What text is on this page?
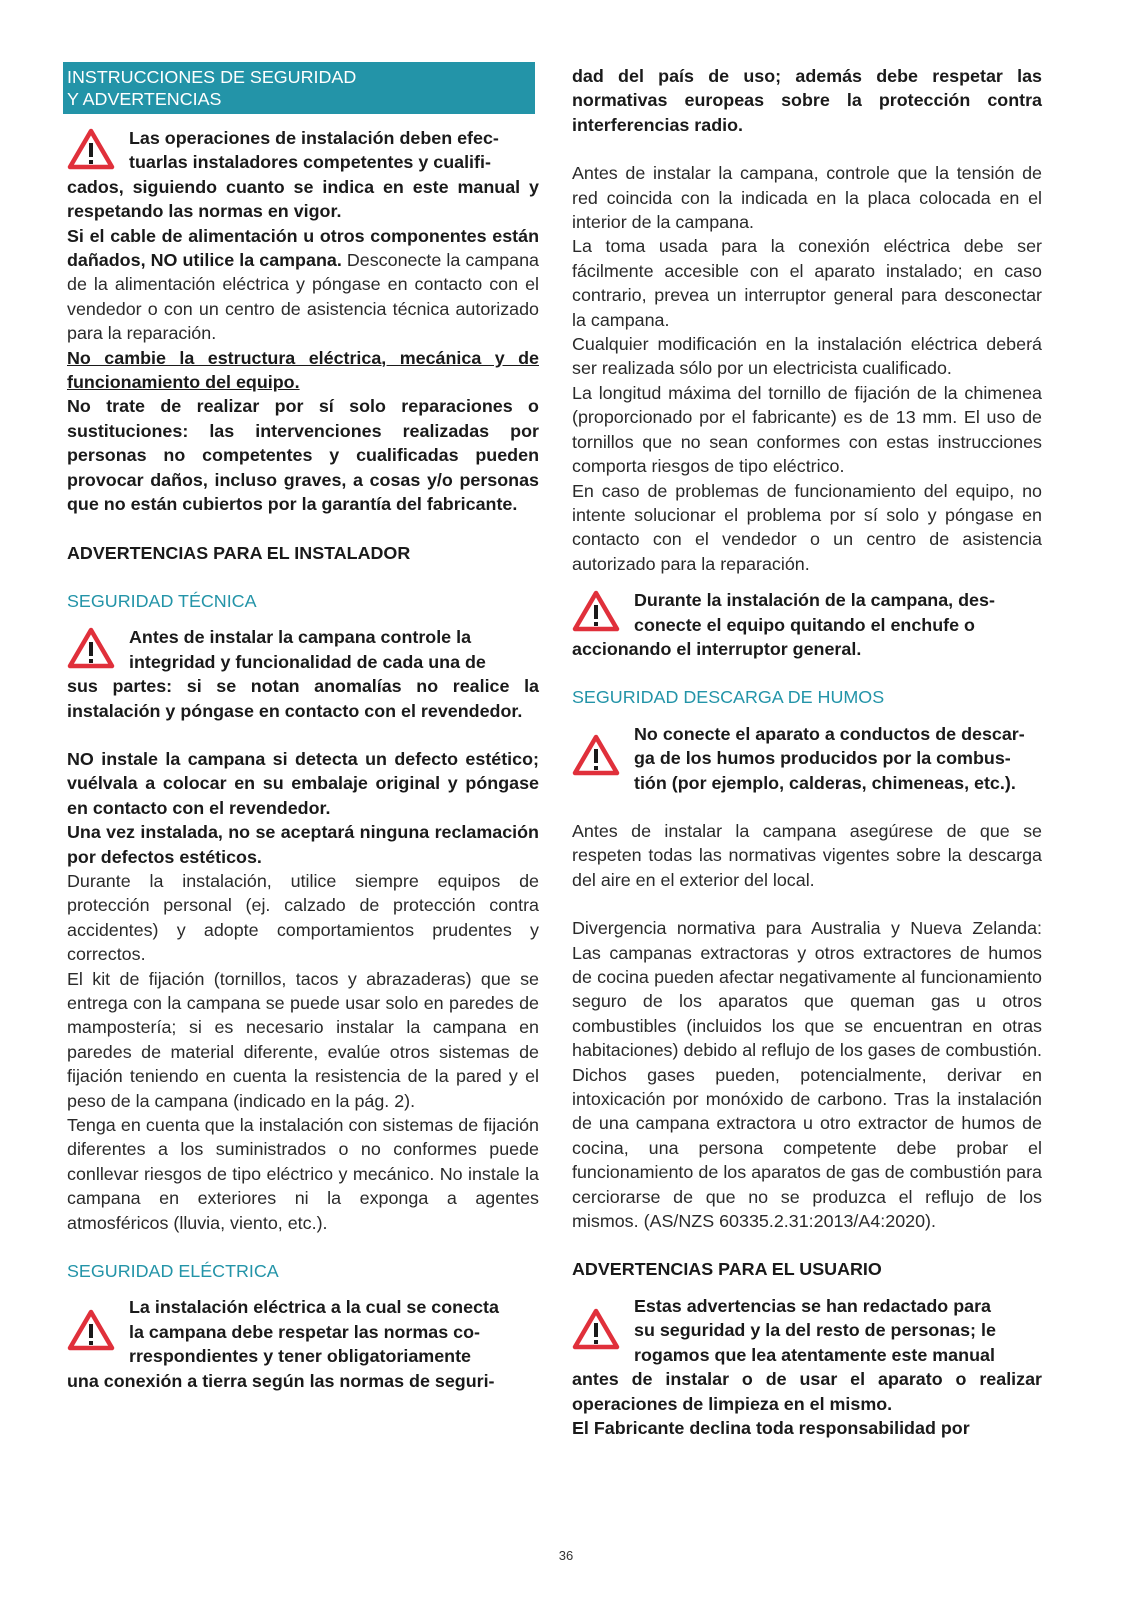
INSTRUCCIONES DE SEGURIDAD
Y ADVERTENCIAS

Las operaciones de instalación deben efec-

tuarlas instaladores competentes y cualifi-

cados, siguiendo cuanto se indica en este manual y respetando las normas en vigor.

Si el cable de alimentación u otros componentes están dañados, NO utilice la campana. Desconecte la campana de la alimentación eléctrica y póngase en contacto con el vendedor o con un centro de asistencia técnica autorizado para la reparación.

No cambie la estructura eléctrica, mecánica y de funcionamiento del equipo.

No trate de realizar por sí solo reparaciones o sustituciones: las intervenciones realizadas por personas no competentes y cualificadas pueden provocar daños, incluso graves, a cosas y/o personas que no están cubiertos por la garantía del fabricante.

ADVERTENCIAS PARA EL INSTALADOR

SEGURIDAD TÉCNICA

Antes de instalar la campana controle la

integridad y funcionalidad de cada una de

sus partes: si se notan anomalías no realice la instalación y póngase en contacto con el revendedor.

NO instale la campana si detecta un defecto estético; vuélvala a colocar en su embalaje original y póngase en contacto con el revendedor.

Una vez instalada, no se aceptará ninguna reclamación por defectos estéticos.

Durante la instalación, utilice siempre equipos de protección personal (ej. calzado de protección contra accidentes) y adopte comportamientos prudentes y correctos.

El kit de fijación (tornillos, tacos y abrazaderas) que se entrega con la campana se puede usar solo en paredes de mampostería; si es necesario instalar la campana en paredes de material diferente, evalúe otros sistemas de fijación teniendo en cuenta la resistencia de la pared y el peso de la campana (indicado en la pág. 2).

Tenga en cuenta que la instalación con sistemas de fijación diferentes a los suministrados o no conformes puede conllevar riesgos de tipo eléctrico y mecánico. No instale la campana en exteriores ni la exponga a agentes atmosféricos (lluvia, viento, etc.).

SEGURIDAD ELÉCTRICA

La instalación eléctrica a la cual se conecta

la campana debe respetar las normas co-

rrespondientes y tener obligatoriamente

una conexión a tierra según las normas de seguri-

dad del país de uso; además debe respetar las normativas europeas sobre la protección contra interferencias radio.

Antes de instalar la campana, controle que la tensión de red coincida con la indicada en la placa colocada en el interior de la campana.

La toma usada para la conexión eléctrica debe ser fácilmente accesible con el aparato instalado; en caso contrario, prevea un interruptor general para desconectar la campana.

Cualquier modificación en la instalación eléctrica deberá ser realizada sólo por un electricista cualificado.

La longitud máxima del tornillo de fijación de la chimenea (proporcionado por el fabricante) es de 13 mm. El uso de tornillos que no sean conformes con estas instrucciones comporta riesgos de tipo eléctrico.

En caso de problemas de funcionamiento del equipo, no intente solucionar el problema por sí solo y póngase en contacto con el vendedor o un centro de asistencia autorizado para la reparación.

Durante la instalación de la campana, des-

conecte el equipo quitando el enchufe o

accionando el interruptor general.

SEGURIDAD DESCARGA DE HUMOS

No conecte el aparato a conductos de descar-

ga de los humos producidos por la combus-

tión (por ejemplo, calderas, chimeneas, etc.).

Antes de instalar la campana asegúrese de que se respeten todas las normativas vigentes sobre la descarga del aire en el exterior del local.

Divergencia normativa para Australia y Nueva Zelanda: Las campanas extractoras y otros extractores de humos de cocina pueden afectar negativamente al funcionamiento seguro de los aparatos que queman gas u otros combustibles (incluidos los que se encuentran en otras habitaciones) debido al reflujo de los gases de combustión. Dichos gases pueden, potencialmente, derivar en intoxicación por monóxido de carbono. Tras la instalación de una campana extractora u otro extractor de humos de cocina, una persona competente debe probar el funcionamiento de los aparatos de gas de combustión para cerciorarse de que no se produzca el reflujo de los mismos. (AS/NZS 60335.2.31:2013/A4:2020).

ADVERTENCIAS PARA EL USUARIO

Estas advertencias se han redactado para

su seguridad y la del resto de personas; le

rogamos que lea atentamente este manual

antes de instalar o de usar el aparato o realizar operaciones de limpieza en el mismo.

El Fabricante declina toda responsabilidad por

36
